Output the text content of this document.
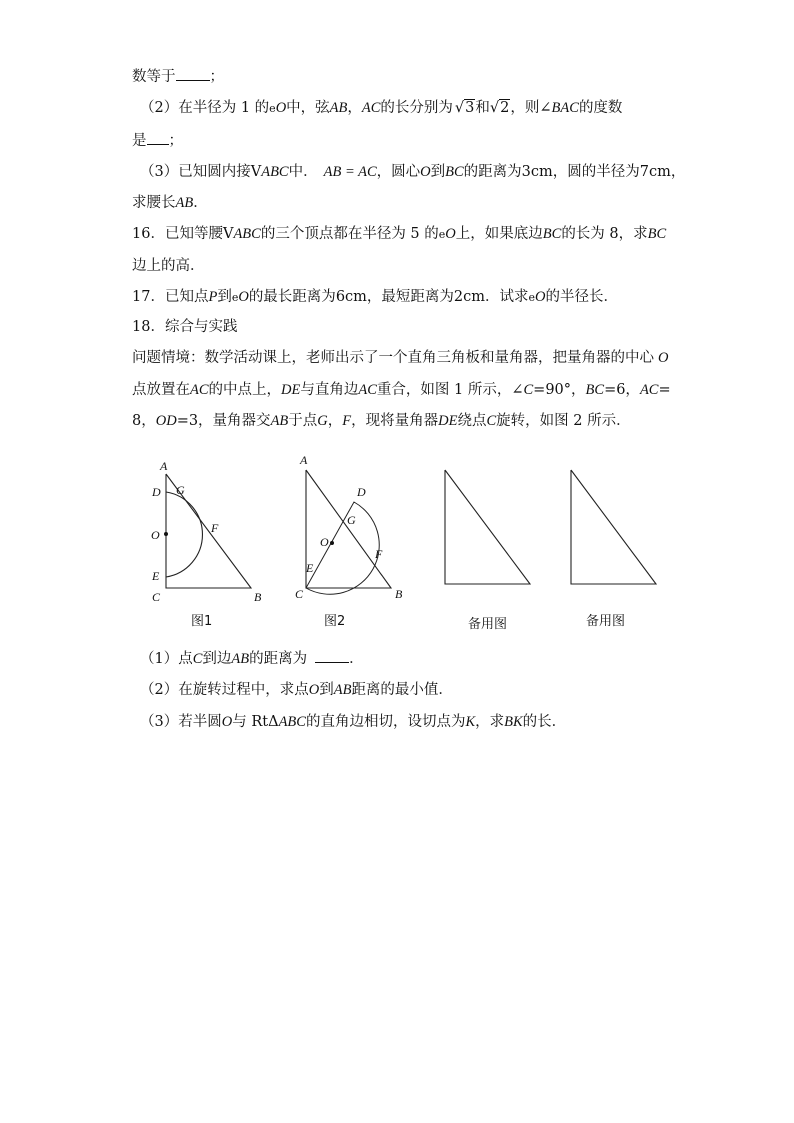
数等于 ；
（2）在半径为 1 的eO中，弦AB，AC的长分别为 √3和√2，则∠BAC的度数
是 ；
（3）已知圆内接VABC中． AB = AC，圆心O到BC的距离为3cm，圆的半径为7cm，
求腰长AB．
16．已知等腰VABC的三个顶点都在半径为 5 的eO上，如果底边BC的长为 8，求BC
边上的高．
17．已知点P到eO的最长距离为6cm，最短距离为2cm．试求eO的半径长．
18．综合与实践
问题情境：数学活动课上，老师出示了一个直角三角板和量角器，把量角器的中心 O
点放置在AC的中点上，DE与直角边AC重合，如图 1 所示，∠C=90°，BC=6，AC=
8，OD=3，量角器交AB于点G，F，现将量角器DE绕点C旋转，如图 2 所示．
A
D G
O	F
E
C	B
A
D
G
O
F
E
C	B
图1	图2	备用图	备用图
（1）点C到边AB的距离为	．
（2）在旋转过程中，求点O到AB距离的最小值．
（3）若半圆O与 RtΔABC的直角边相切，设切点为K，求BK的长．
